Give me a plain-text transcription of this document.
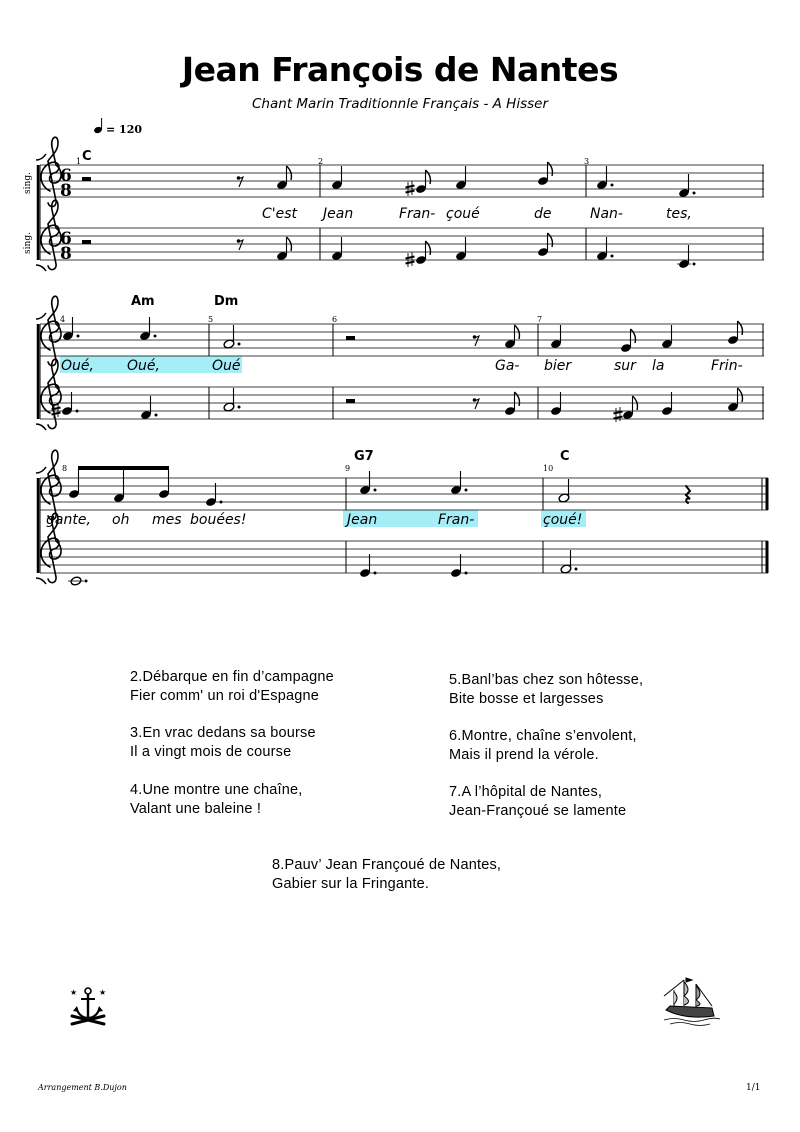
Jean François de Nantes
Chant Marin Traditionnle Français - A Hisser
= 120
sing.
sing.
6
8
6
8
1	2	3
C
C'est Jean	Fran- çoué	de	Nan-	tes,
4	5	6	7
Am	Dm
Oué, Oué,	Oué	Ga- bier	sur la	Frin-
8	9	10
G7	C
gante, oh mes bouées!	Jean	Fran-	çoué!
★	★
2.Débarque en fin d’campagne
Fier comm' un roi d'Espagne
3.En vrac dedans sa bourse
Il a vingt mois de course
4.Une montre une chaîne,
Valant une baleine !
5.Banl’bas chez son hôtesse,
Bite bosse et largesses
6.Montre, chaîne s’envolent,
Mais il prend la vérole.
7.A l’hôpital de Nantes,
Jean-Françoué se lamente
8.Pauv’ Jean Françoué de Nantes,
Gabier sur la Fringante.
Arrangement B.Dujon	1/1
